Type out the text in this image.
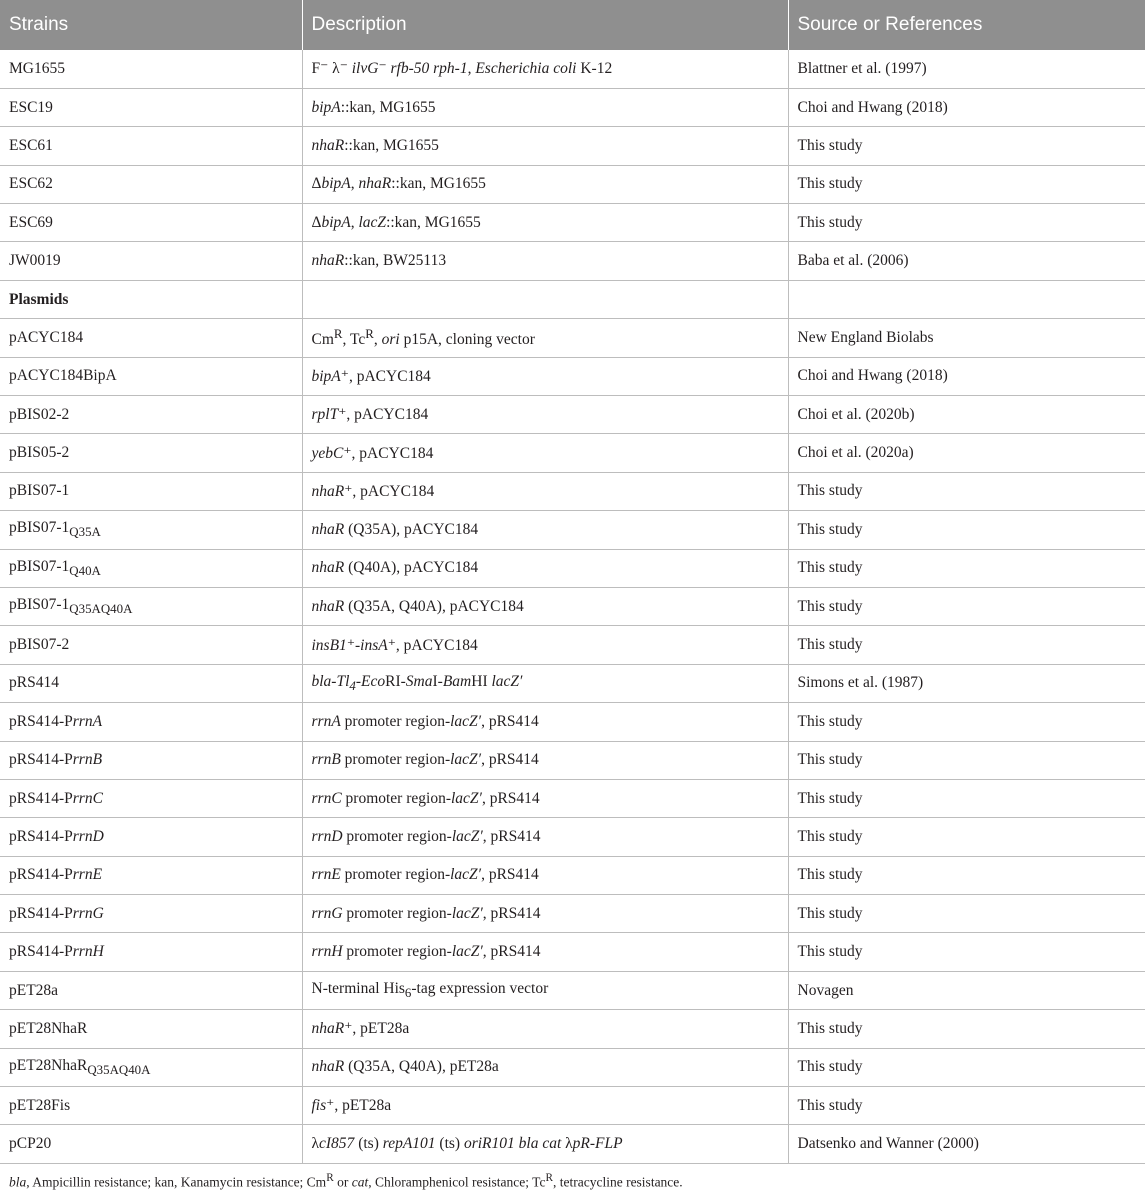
Strains	Description	Source or References
MG1655	F⁻ λ⁻ ilvG⁻ rfb-50 rph-1, Escherichia coli K-12	Blattner et al. (1997)
ESC19	bipA::kan, MG1655	Choi and Hwang (2018)
ESC61	nhaR::kan, MG1655	This study
ESC62	ΔbipA, nhaR::kan, MG1655	This study
ESC69	ΔbipA, lacZ::kan, MG1655	This study
JW0019	nhaR::kan, BW25113	Baba et al. (2006)
Plasmids		
pACYC184	$Cm^R$, $Tc^R$, ori p15A, cloning vector	New England Biolabs
pACYC184BipA	bipA⁺, pACYC184	Choi and Hwang (2018)
pBIS02-2	rplT⁺, pACYC184	Choi et al. (2020b)
pBIS05-2	yebC⁺, pACYC184	Choi et al. (2020a)
pBIS07-1	nhaR⁺, pACYC184	This study
$pBIS07-1_{Q35A}$	nhaR (Q35A), pACYC184	This study
$pBIS07-1_{Q40A}$	nhaR (Q40A), pACYC184	This study
$pBIS07-1_{Q35AQ40A}$	nhaR (Q35A, Q40A), pACYC184	This study
pBIS07-2	insB1⁺-insA⁺, pACYC184	This study
pRS414	bla-$Tl_4-EcoRI-SmaI$-BamHI lacZ′	Simons et al. (1987)
pRS414-PrrnA	rrnA promoter region-lacZ′, pRS414	This study
pRS414-PrrnB	rrnB promoter region-lacZ′, pRS414	This study
pRS414-PrrnC	rrnC promoter region-lacZ′, pRS414	This study
pRS414-PrrnD	rrnD promoter region-lacZ′, pRS414	This study
pRS414-PrrnE	rrnE promoter region-lacZ′, pRS414	This study
pRS414-PrrnG	rrnG promoter region-lacZ′, pRS414	This study
pRS414-PrrnH	rrnH promoter region-lacZ′, pRS414	This study
pET28a	N-terminal His$_6$-tag expression vector	Novagen
pET28NhaR	nhaR⁺, pET28a	This study
pET28NhaR$_{Q35AQ40A}$	nhaR (Q35A, Q40A), pET28a	This study
pET28Fis	fis⁺, pET28a	This study
pCP20	λcI857 (ts) repA101 (ts) oriR101 bla cat λpR-FLP	Datsenko and Wanner (2000)
bla, Ampicillin resistance; kan, Kanamycin resistance; $Cm^R$ or cat, Chloramphenicol resistance; $Tc^R$, tetracycline resistance.
